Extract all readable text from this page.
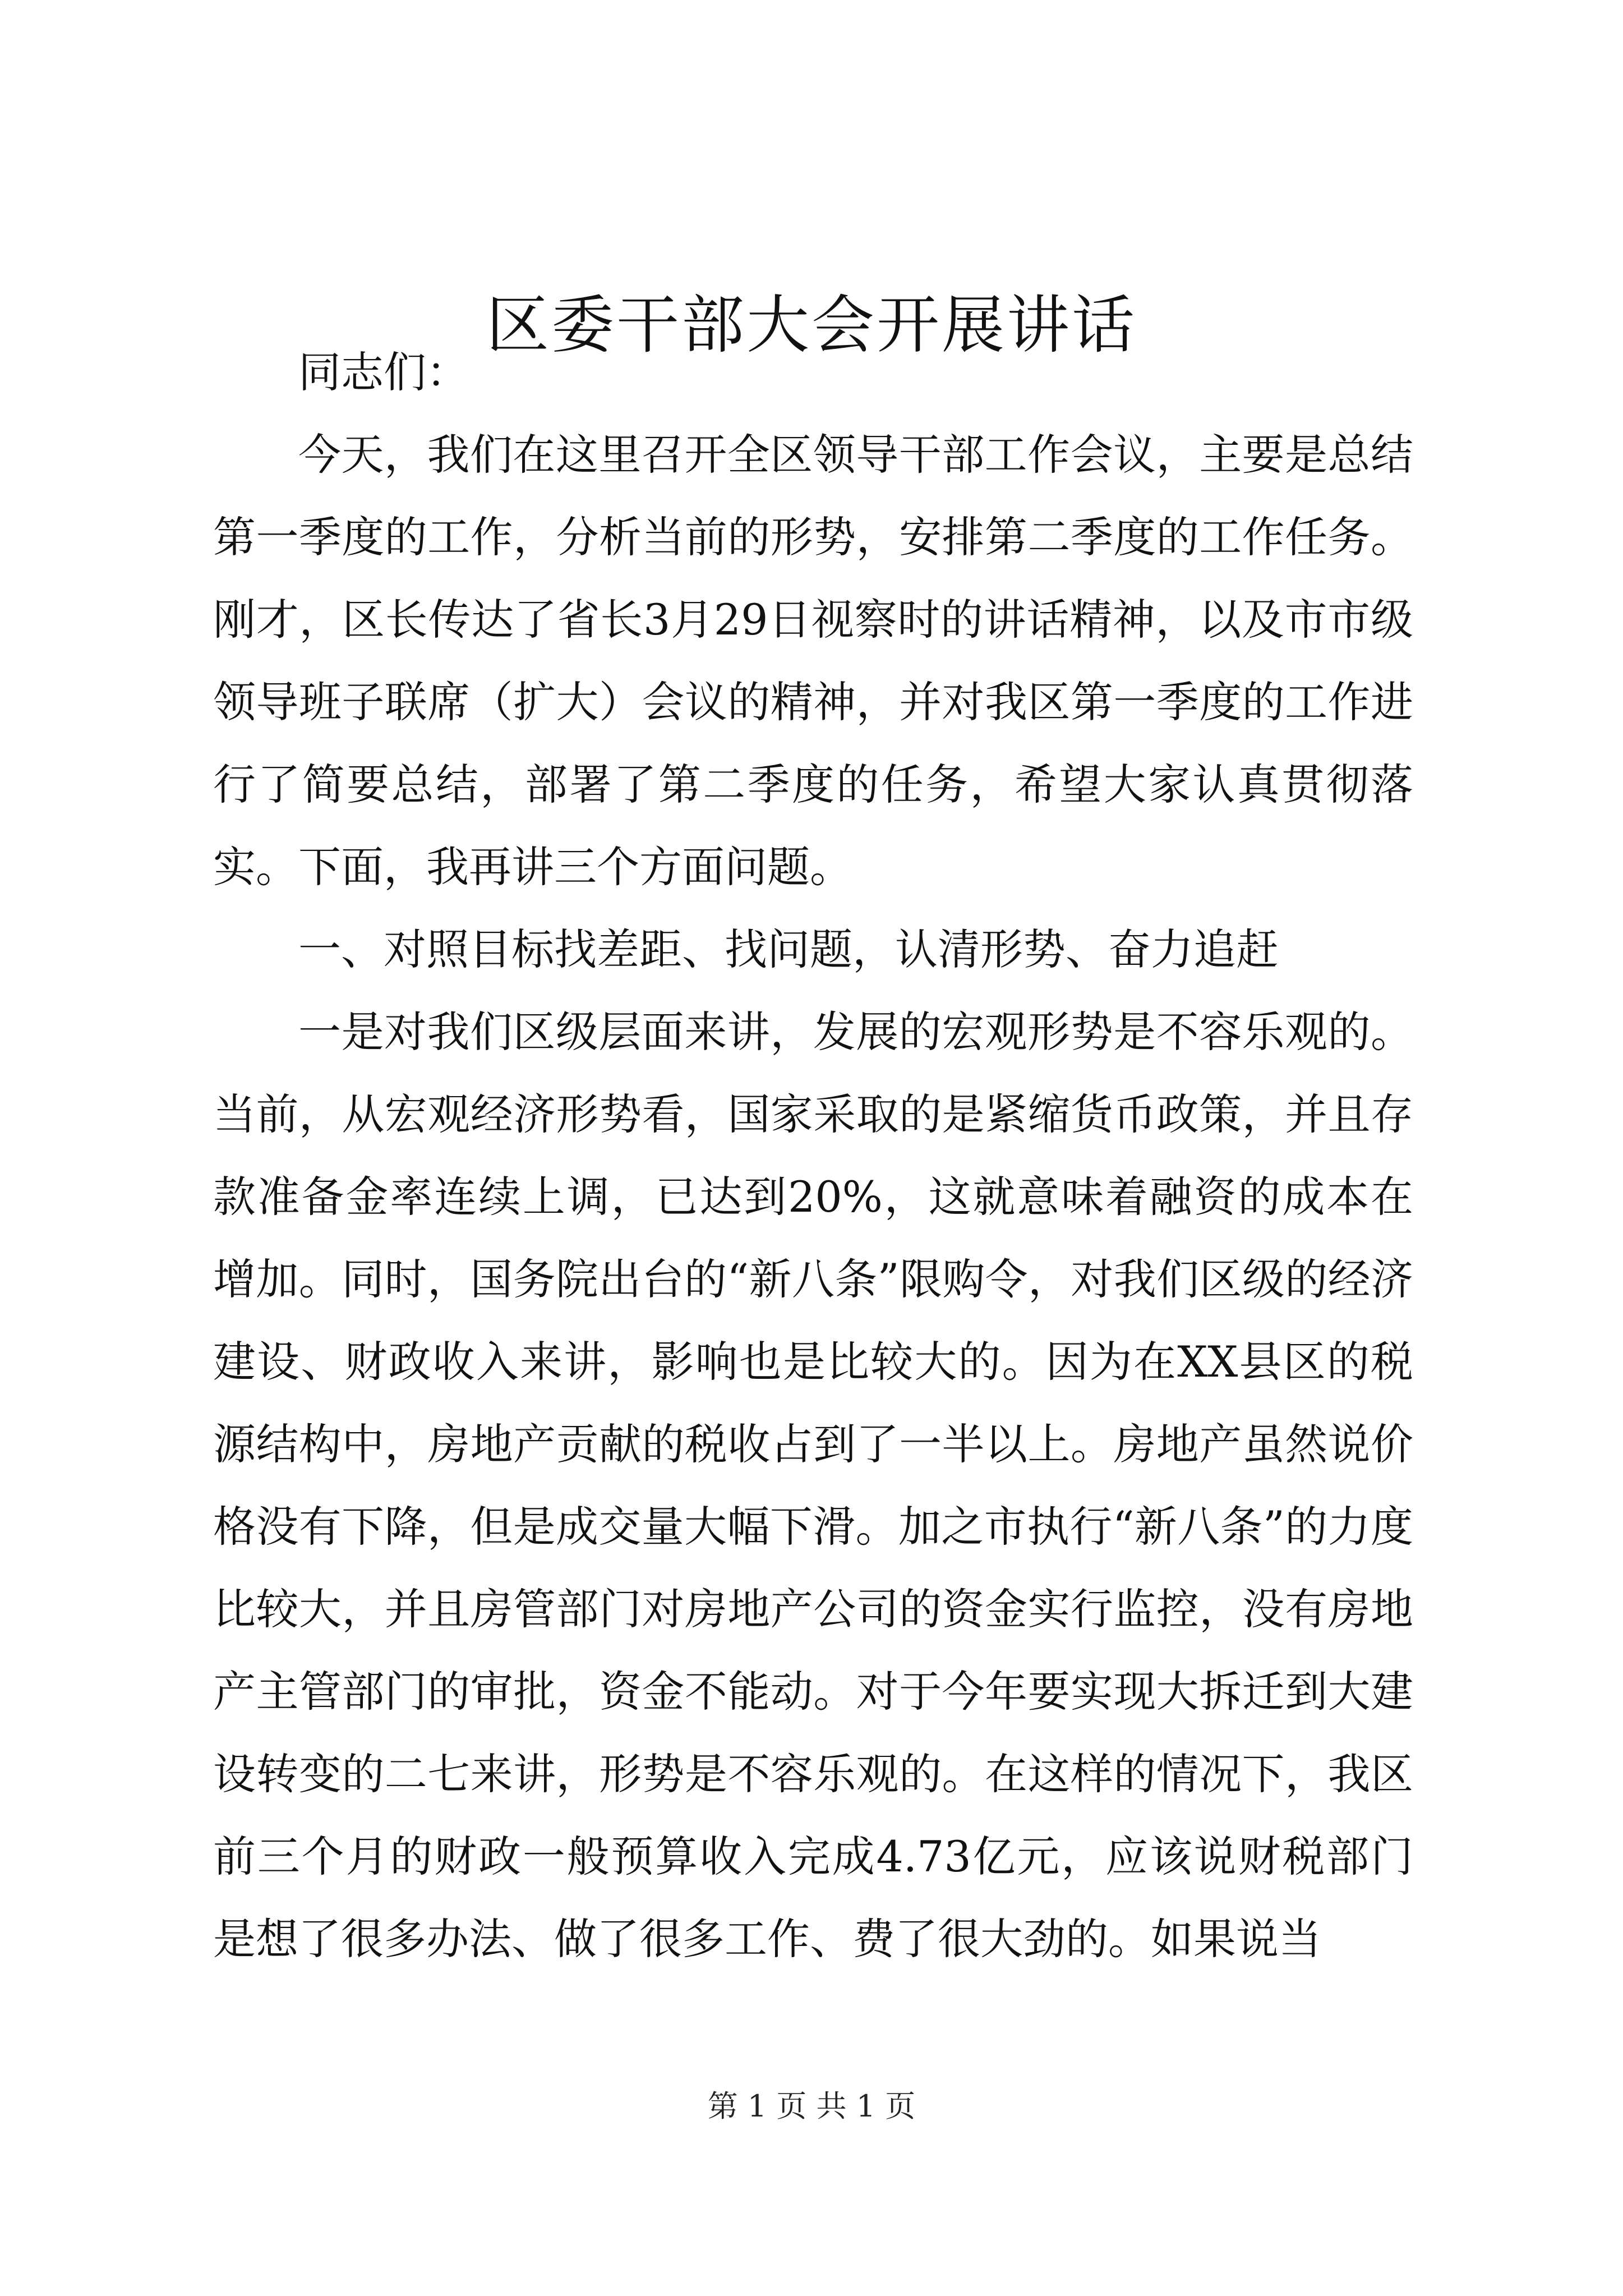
区委干部大会开展讲话

同志们：

今天，我们在这里召开全区领导干部工作会议，主要是总结第一季度的工作，分析当前的形势，安排第二季度的工作任务。刚才，区长传达了省长3月29日视察时的讲话精神，以及市市级领导班子联席（扩大）会议的精神，并对我区第一季度的工作进行了简要总结，部署了第二季度的任务，希望大家认真贯彻落实。下面，我再讲三个方面问题。

一、对照目标找差距、找问题，认清形势、奋力追赶

一是对我们区级层面来讲，发展的宏观形势是不容乐观的。当前，从宏观经济形势看，国家采取的是紧缩货币政策，并且存款准备金率连续上调，已达到20%，这就意味着融资的成本在增加。同时，国务院出台的“新八条”限购令，对我们区级的经济建设、财政收入来讲，影响也是比较大的。因为在XX县区的税源结构中，房地产贡献的税收占到了一半以上。房地产虽然说价格没有下降，但是成交量大幅下滑。加之市执行“新八条”的力度比较大，并且房管部门对房地产公司的资金实行监控，没有房地产主管部门的审批，资金不能动。对于今年要实现大拆迁到大建设转变的二七来讲，形势是不容乐观的。在这样的情况下，我区前三个月的财政一般预算收入完成4.73亿元，应该说财税部门是想了很多办法、做了很多工作、费了很大劲的。如果说当

第 1 页 共 1 页
